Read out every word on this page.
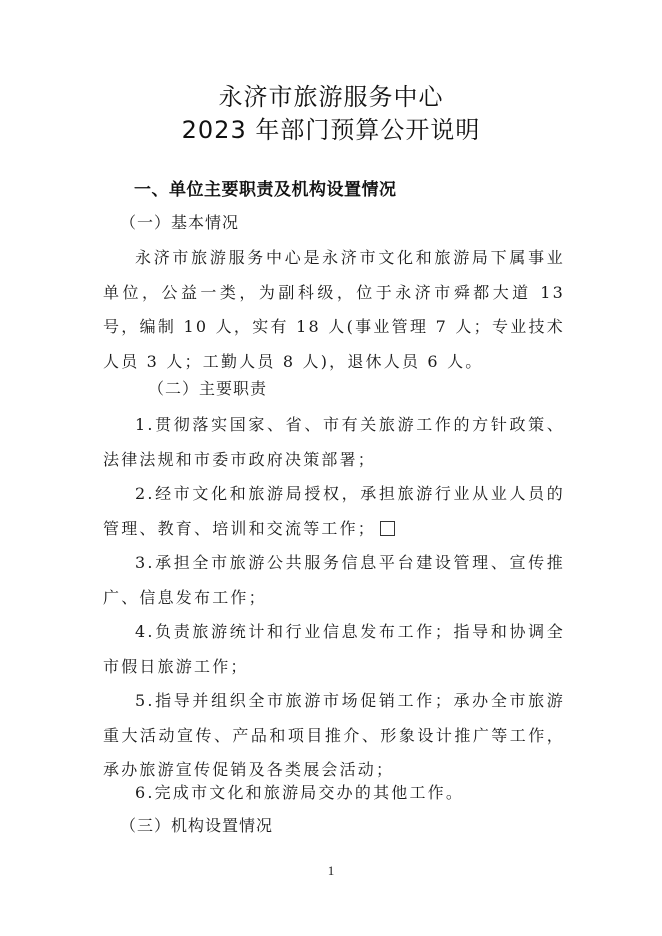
永济市旅游服务中心
2023 年部门预算公开说明
一、单位主要职责及机构设置情况
（一）基本情况
永济市旅游服务中心是永济市文化和旅游局下属事业单位，公益一类，为副科级，位于永济市舜都大道 13 号，编制 10 人，实有 18 人(事业管理 7 人；专业技术人员 3 人；工勤人员 8 人)，退休人员 6 人。
（二）主要职责
1.贯彻落实国家、省、市有关旅游工作的方针政策、法律法规和市委市政府决策部署；
2.经市文化和旅游局授权，承担旅游行业从业人员的管理、教育、培训和交流等工作；
3.承担全市旅游公共服务信息平台建设管理、宣传推广、信息发布工作；
4.负责旅游统计和行业信息发布工作；指导和协调全市假日旅游工作；
5.指导并组织全市旅游市场促销工作；承办全市旅游重大活动宣传、产品和项目推介、形象设计推广等工作，承办旅游宣传促销及各类展会活动；
6.完成市文化和旅游局交办的其他工作。
（三）机构设置情况
1
